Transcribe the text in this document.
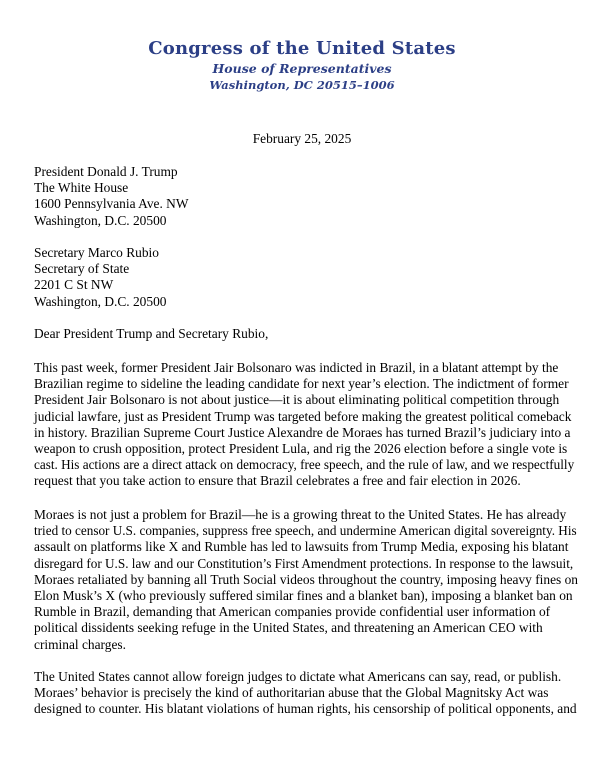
Congress of the United States
House of Representatives
Washington, DC 20515–1006
February 25, 2025
President Donald J. Trump
The White House
1600 Pennsylvania Ave. NW
Washington, D.C. 20500
Secretary Marco Rubio
Secretary of State
2201 C St NW
Washington, D.C. 20500
Dear President Trump and Secretary Rubio,
This past week, former President Jair Bolsonaro was indicted in Brazil, in a blatant attempt by the
Brazilian regime to sideline the leading candidate for next year’s election. The indictment of former
President Jair Bolsonaro is not about justice—it is about eliminating political competition through
judicial lawfare, just as President Trump was targeted before making the greatest political comeback
in history. Brazilian Supreme Court Justice Alexandre de Moraes has turned Brazil’s judiciary into a
weapon to crush opposition, protect President Lula, and rig the 2026 election before a single vote is
cast. His actions are a direct attack on democracy, free speech, and the rule of law, and we respectfully
request that you take action to ensure that Brazil celebrates a free and fair election in 2026.
Moraes is not just a problem for Brazil—he is a growing threat to the United States. He has already
tried to censor U.S. companies, suppress free speech, and undermine American digital sovereignty. His
assault on platforms like X and Rumble has led to lawsuits from Trump Media, exposing his blatant
disregard for U.S. law and our Constitution’s First Amendment protections. In response to the lawsuit,
Moraes retaliated by banning all Truth Social videos throughout the country, imposing heavy fines on
Elon Musk’s X (who previously suffered similar fines and a blanket ban), imposing a blanket ban on
Rumble in Brazil, demanding that American companies provide confidential user information of
political dissidents seeking refuge in the United States, and threatening an American CEO with
criminal charges.
The United States cannot allow foreign judges to dictate what Americans can say, read, or publish.
Moraes’ behavior is precisely the kind of authoritarian abuse that the Global Magnitsky Act was
designed to counter. His blatant violations of human rights, his censorship of political opponents, and
